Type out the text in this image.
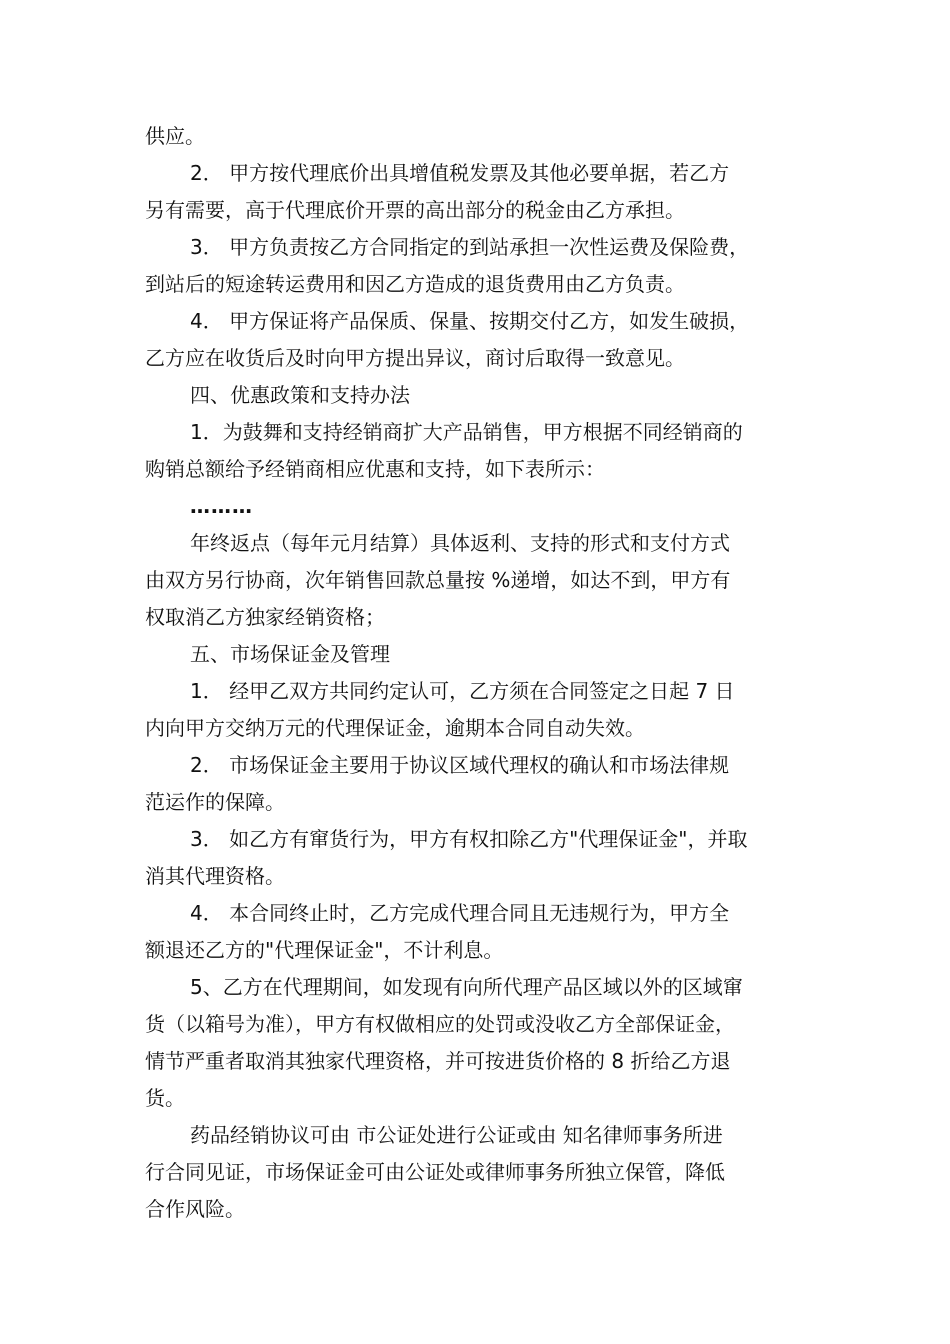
供应。

2． 甲方按代理底价出具增值税发票及其他必要单据，若乙方

另有需要，高于代理底价开票的高出部分的税金由乙方承担。

3． 甲方负责按乙方合同指定的到站承担一次性运费及保险费，

到站后的短途转运费用和因乙方造成的退货费用由乙方负责。

4． 甲方保证将产品保质、保量、按期交付乙方，如发生破损，

乙方应在收货后及时向甲方提出异议，商讨后取得一致意见。

四、优惠政策和支持办法

1．为鼓舞和支持经销商扩大产品销售，甲方根据不同经销商的

购销总额给予经销商相应优惠和支持，如下表所示：

………

年终返点（每年元月结算）具体返利、支持的形式和支付方式

由双方另行协商，次年销售回款总量按 %递增，如达不到，甲方有

权取消乙方独家经销资格；

五、市场保证金及管理

1． 经甲乙双方共同约定认可，乙方须在合同签定之日起 7 日

内向甲方交纳万元的代理保证金，逾期本合同自动失效。

2． 市场保证金主要用于协议区域代理权的确认和市场法律规

范运作的保障。

3． 如乙方有窜货行为，甲方有权扣除乙方"代理保证金"，并取

消其代理资格。

4． 本合同终止时，乙方完成代理合同且无违规行为，甲方全

额退还乙方的"代理保证金"，不计利息。

5、乙方在代理期间，如发现有向所代理产品区域以外的区域窜

货（以箱号为准），甲方有权做相应的处罚或没收乙方全部保证金，

情节严重者取消其独家代理资格，并可按进货价格的 8 折给乙方退

货。

药品经销协议可由 市公证处进行公证或由 知名律师事务所进

行合同见证，市场保证金可由公证处或律师事务所独立保管，降低

合作风险。
